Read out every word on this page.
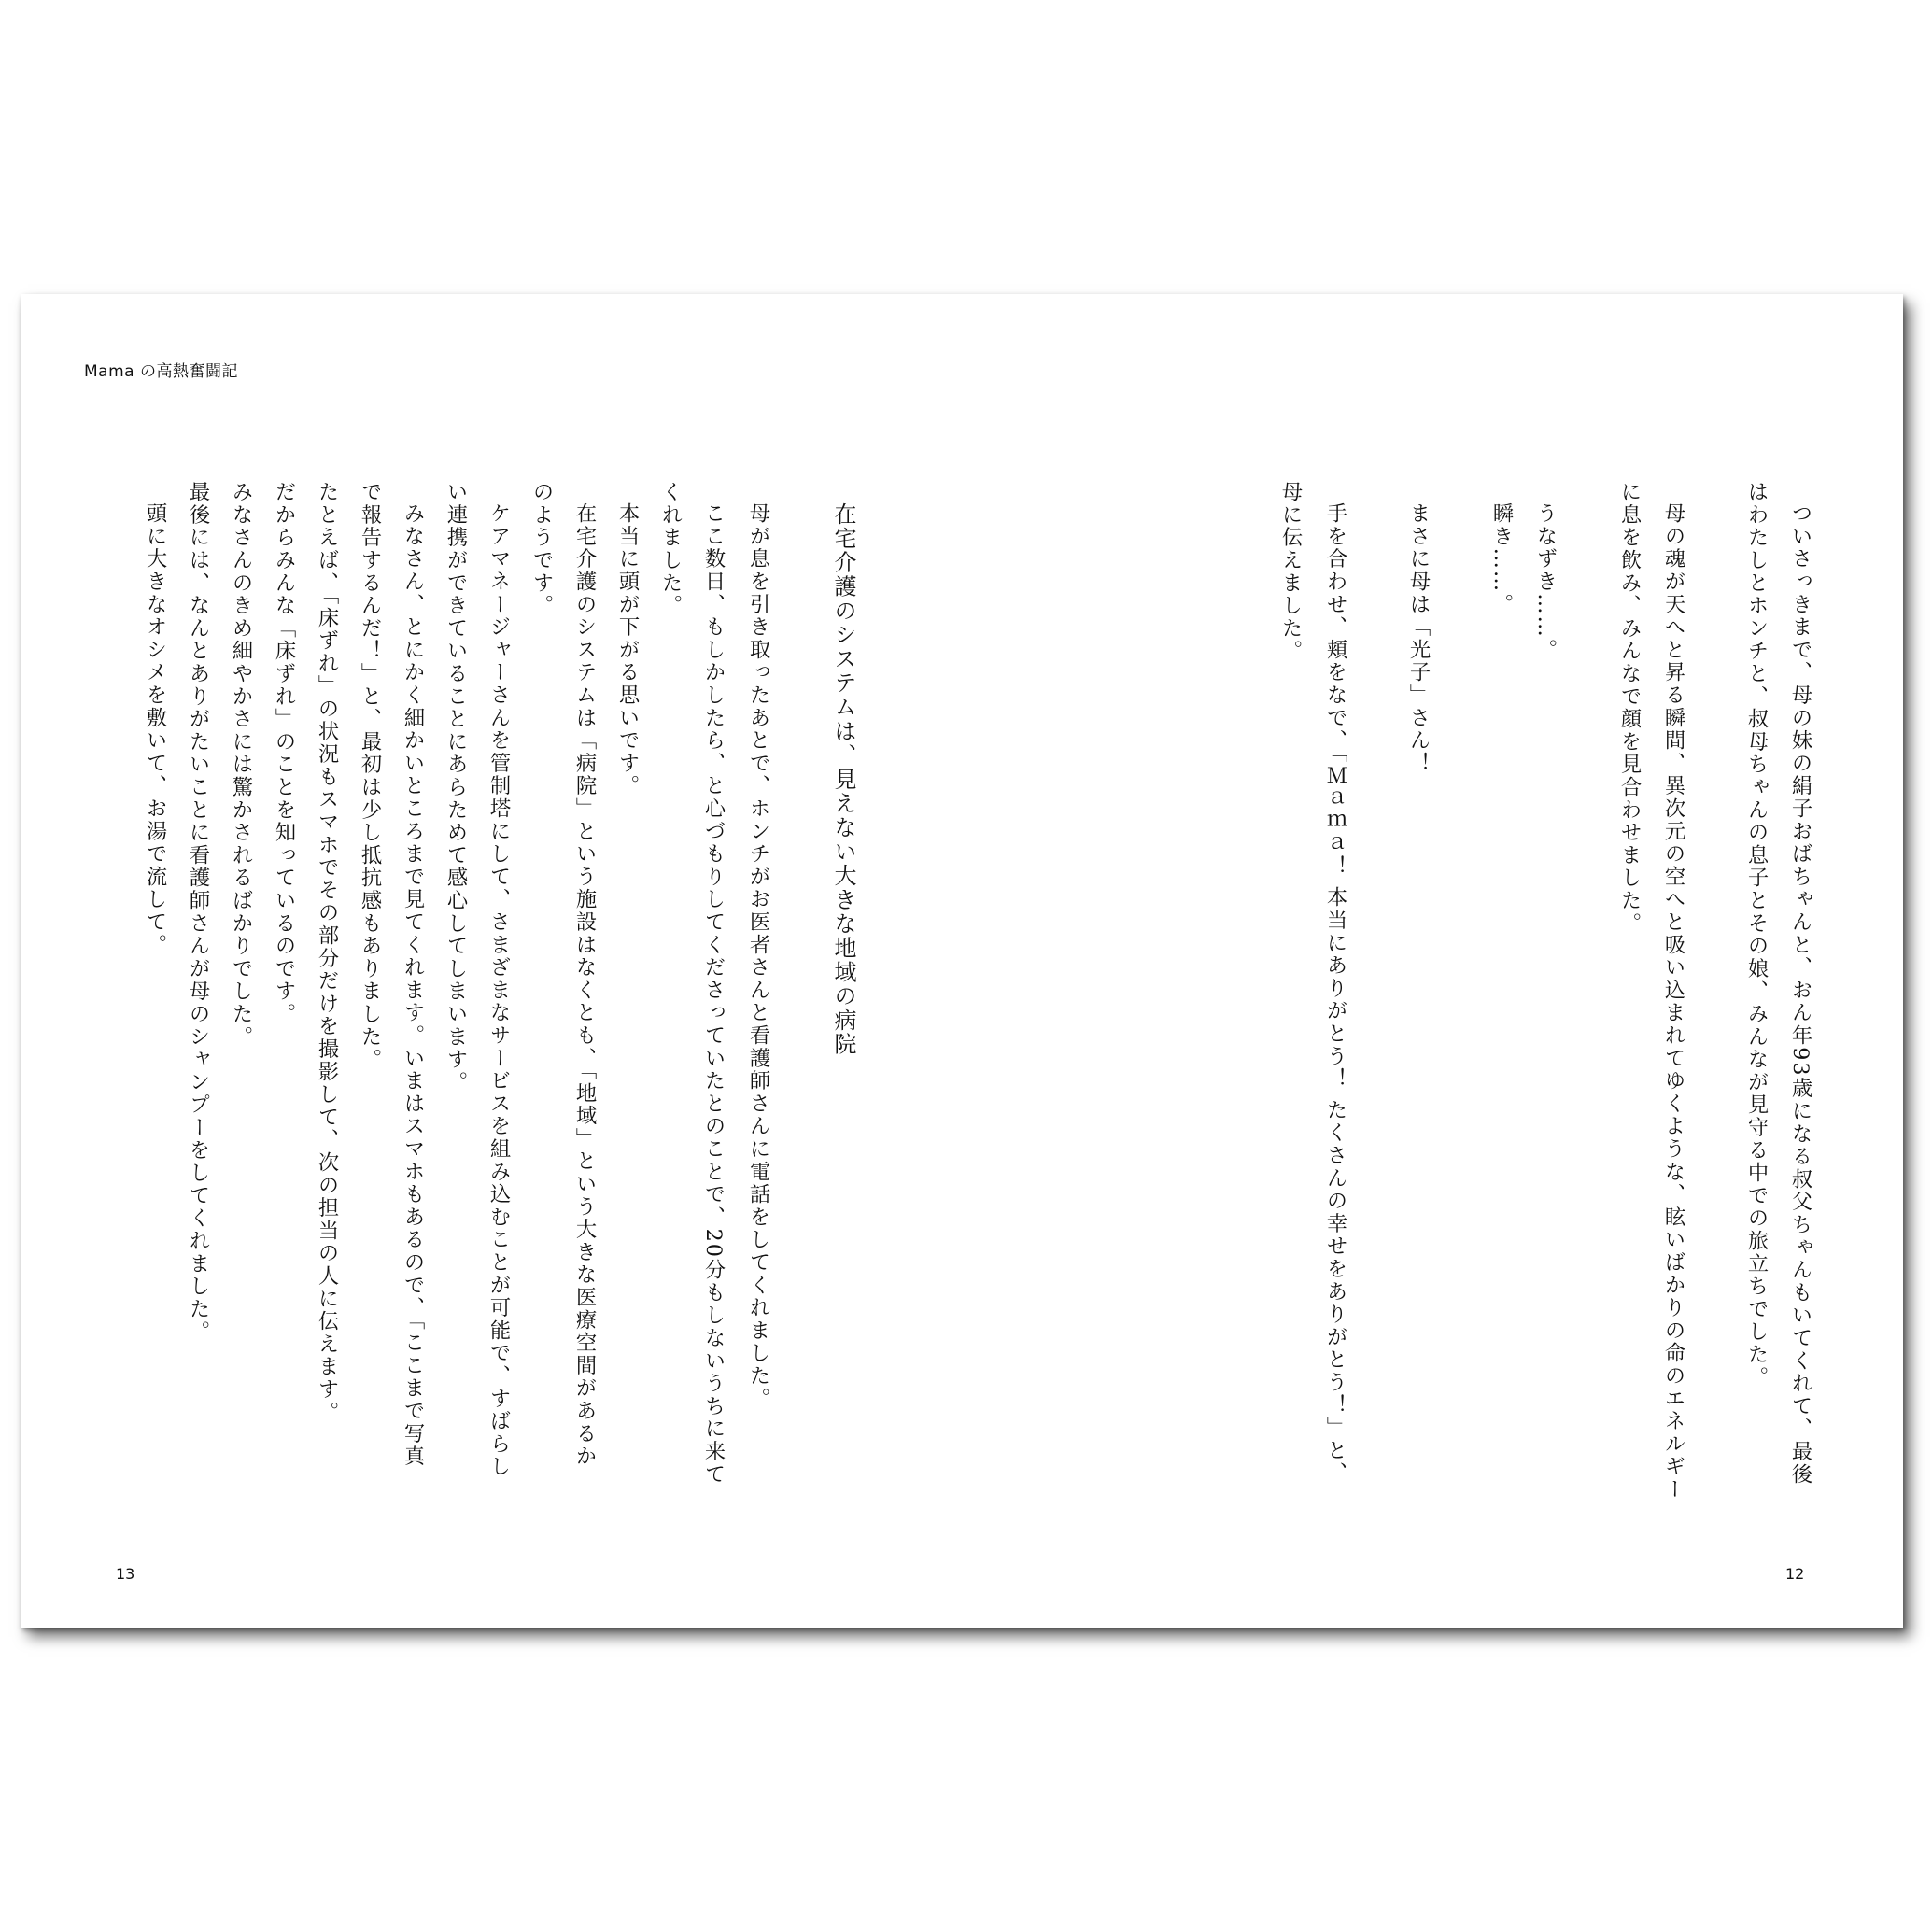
Mama の高熱奮闘記
ついさっきまで、母の妹の絹子おばちゃんと、おん年93歳になる叔父ちゃんもいてくれて、最後
はわたしとホンチと、叔母ちゃんの息子とその娘、みんなが見守る中での旅立ちでした。
母の魂が天へと昇る瞬間、異次元の空へと吸い込まれてゆくような、眩いばかりの命のエネルギー
に息を飲み、みんなで顔を見合わせました。
うなずき……。
瞬き……。
まさに母は「光子」さん！
手を合わせ、頬をなで、「Ｍａｍａ！ 本当にありがとう！ たくさんの幸せをありがとう！」と、
母に伝えました。
在宅介護のシステムは、見えない大きな地域の病院
母が息を引き取ったあとで、ホンチがお医者さんと看護師さんに電話をしてくれました。
ここ数日、もしかしたら、と心づもりしてくださっていたとのことで、20分もしないうちに来て
くれました。
本当に頭が下がる思いです。
在宅介護のシステムは「病院」という施設はなくとも、「地域」という大きな医療空間があるか
のようです。
ケアマネージャーさんを管制塔にして、さまざまなサービスを組み込むことが可能で、すばらし
い連携ができていることにあらためて感心してしまいます。
みなさん、とにかく細かいところまで見てくれます。いまはスマホもあるので、「ここまで写真
で報告するんだ！」と、最初は少し抵抗感もありました。
たとえば、「床ずれ」の状況もスマホでその部分だけを撮影して、次の担当の人に伝えます。
だからみんな「床ずれ」のことを知っているのです。
みなさんのきめ細やかさには驚かされるばかりでした。
最後には、なんとありがたいことに看護師さんが母のシャンプーをしてくれました。
頭に大きなオシメを敷いて、お湯で流して。
13	12
